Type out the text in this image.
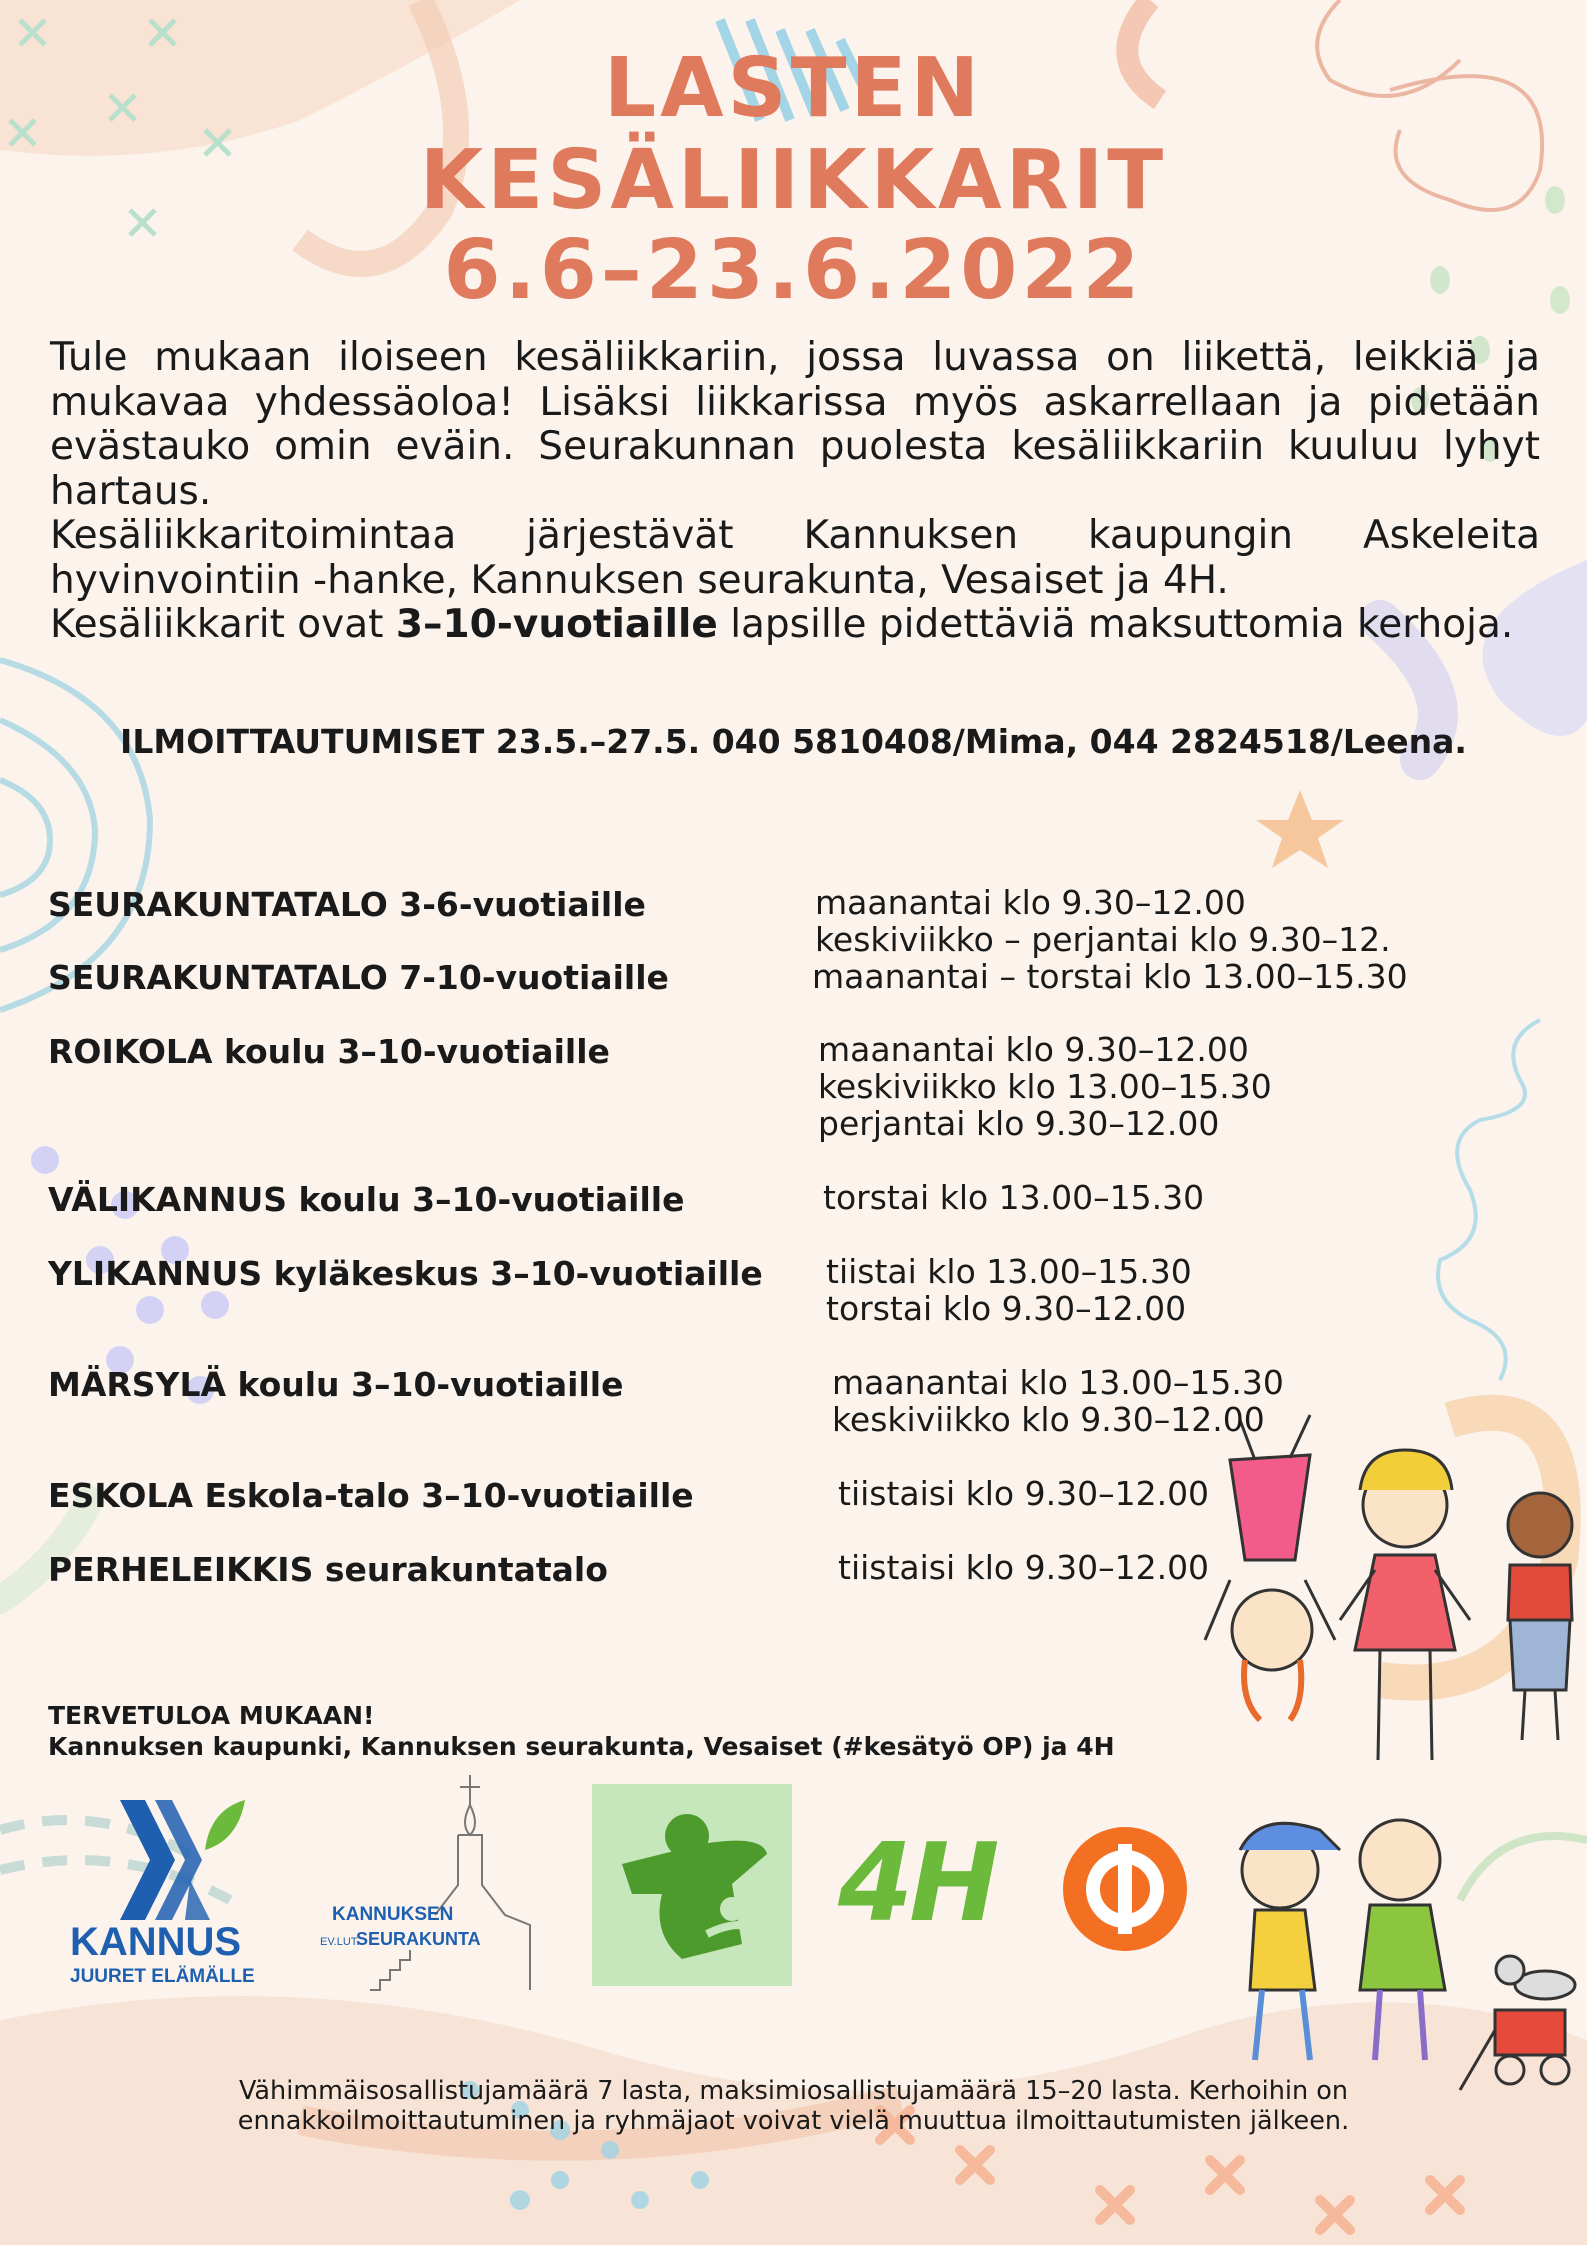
LASTEN
KESÄLIIKKARIT
6.6–23.6.2022

Tule mukaan iloiseen kesäliikkariin, jossa luvassa on liikettä, leikkiä ja mukavaa yhdessäoloa! Lisäksi liikkarissa myös askarrellaan ja pidetään evästauko omin eväin. Seurakunnan puolesta kesäliikkariin kuuluu lyhyt hartaus.

Kesäliikkaritoimintaa järjestävät Kannuksen kaupungin Askeleita hyvinvointiin -hanke, Kannuksen seurakunta, Vesaiset ja 4H.

Kesäliikkarit ovat 3–10-vuotiaille lapsille pidettäviä maksuttomia kerhoja.

ILMOITTAUTUMISET 23.5.–27.5. 040 5810408/Mima, 044 2824518/Leena.
SEURAKUNTATALO 3-6-vuotiaille	maanantai klo 9.30–12.00
keskiviikko – perjantai klo 9.30–12.
SEURAKUNTATALO 7-10-vuotiaille	maanantai – torstai klo 13.00–15.30
ROIKOLA koulu 3–10-vuotiaille	maanantai klo 9.30–12.00
keskiviikko klo 13.00–15.30
perjantai klo 9.30–12.00
VÄLIKANNUS koulu 3–10-vuotiaille	torstai klo 13.00–15.30
YLIKANNUS kyläkeskus 3–10-vuotiaille tiistai klo 13.00–15.30
torstai klo 9.30–12.00
MÄRSYLÄ koulu 3–10-vuotiaille	maanantai klo 13.00–15.30
keskiviikko klo 9.30–12.00
ESKOLA Eskola-talo 3–10-vuotiaille	tiistaisi klo 9.30–12.00
PERHELEIKKIS seurakuntatalo	tiistaisi klo 9.30–12.00
TERVETULOA MUKAAN!
Kannuksen kaupunki, Kannuksen seurakunta, Vesaiset (#kesätyö OP) ja 4H
KANNUS
JUURET ELÄMÄLLE
KANNUKSEN
EV.LUT.
SEURAKUNTA	4H
Vähimmäisosallistujamäärä 7 lasta, maksimiosallistujamäärä 15–20 lasta. Kerhoihin on
ennakkoilmoittautuminen ja ryhmäjaot voivat vielä muuttua ilmoittautumisten jälkeen.
